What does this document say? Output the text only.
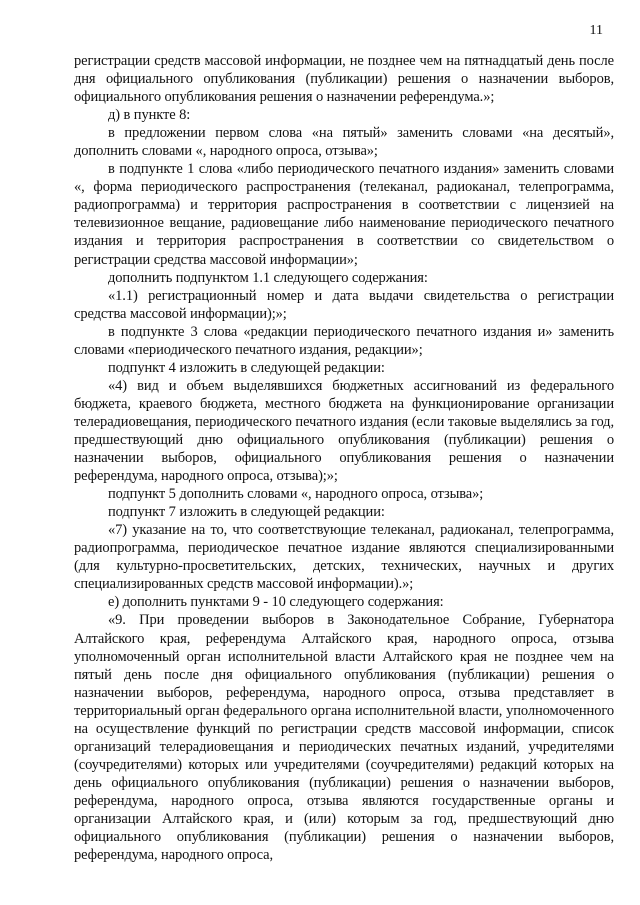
11

регистрации средств массовой информации, не позднее чем на пятнадцатый день после дня официального опубликования (публикации) решения о назначении выборов, официального опубликования решения о назначении референдума.»;

д) в пункте 8:

в предложении первом слова «на пятый» заменить словами «на десятый», дополнить словами «, народного опроса, отзыва»;

в подпункте 1 слова «либо периодического печатного издания» заменить словами «, форма периодического распространения (телеканал, радиоканал, телепрограмма, радиопрограмма) и территория распространения в соответствии с лицензией на телевизионное вещание, радиовещание либо наименование периодического печатного издания и территория распространения в соответствии со свидетельством о регистрации средства массовой информации»;

дополнить подпунктом 1.1 следующего содержания:

«1.1) регистрационный номер и дата выдачи свидетельства о регистрации средства массовой информации);»;

в подпункте 3 слова «редакции периодического печатного издания и» заменить словами «периодического печатного издания, редакции»;

подпункт 4 изложить в следующей редакции:

«4) вид и объем выделявшихся бюджетных ассигнований из федерального бюджета, краевого бюджета, местного бюджета на функционирование организации телерадиовещания, периодического печатного издания (если таковые выделялись за год, предшествующий дню официального опубликования (публикации) решения о назначении выборов, официального опубликования решения о назначении референдума, народного опроса, отзыва);»;

подпункт 5 дополнить словами «, народного опроса, отзыва»;

подпункт 7 изложить в следующей редакции:

«7) указание на то, что соответствующие телеканал, радиоканал, телепрограмма, радиопрограмма, периодическое печатное издание являются специализированными (для культурно-просветительских, детских, технических, научных и других специализированных средств массовой информации).»;

е) дополнить пунктами 9 - 10 следующего содержания:

«9. При проведении выборов в Законодательное Собрание, Губернатора Алтайского края, референдума Алтайского края, народного опроса, отзыва уполномоченный орган исполнительной власти Алтайского края не позднее чем на пятый день после дня официального опубликования (публикации) решения о назначении выборов, референдума, народного опроса, отзыва представляет в территориальный орган федерального органа исполнительной власти, уполномоченного на осуществление функций по регистрации средств массовой информации, список организаций телерадиовещания и периодических печатных изданий, учредителями (соучредителями) которых или учредителями (соучредителями) редакций которых на день официального опубликования (публикации) решения о назначении выборов, референдума, народного опроса, отзыва являются государственные органы и организации Алтайского края, и (или) которым за год, предшествующий дню официального опубликования (публикации) решения о назначении выборов, референдума, народного опроса,
